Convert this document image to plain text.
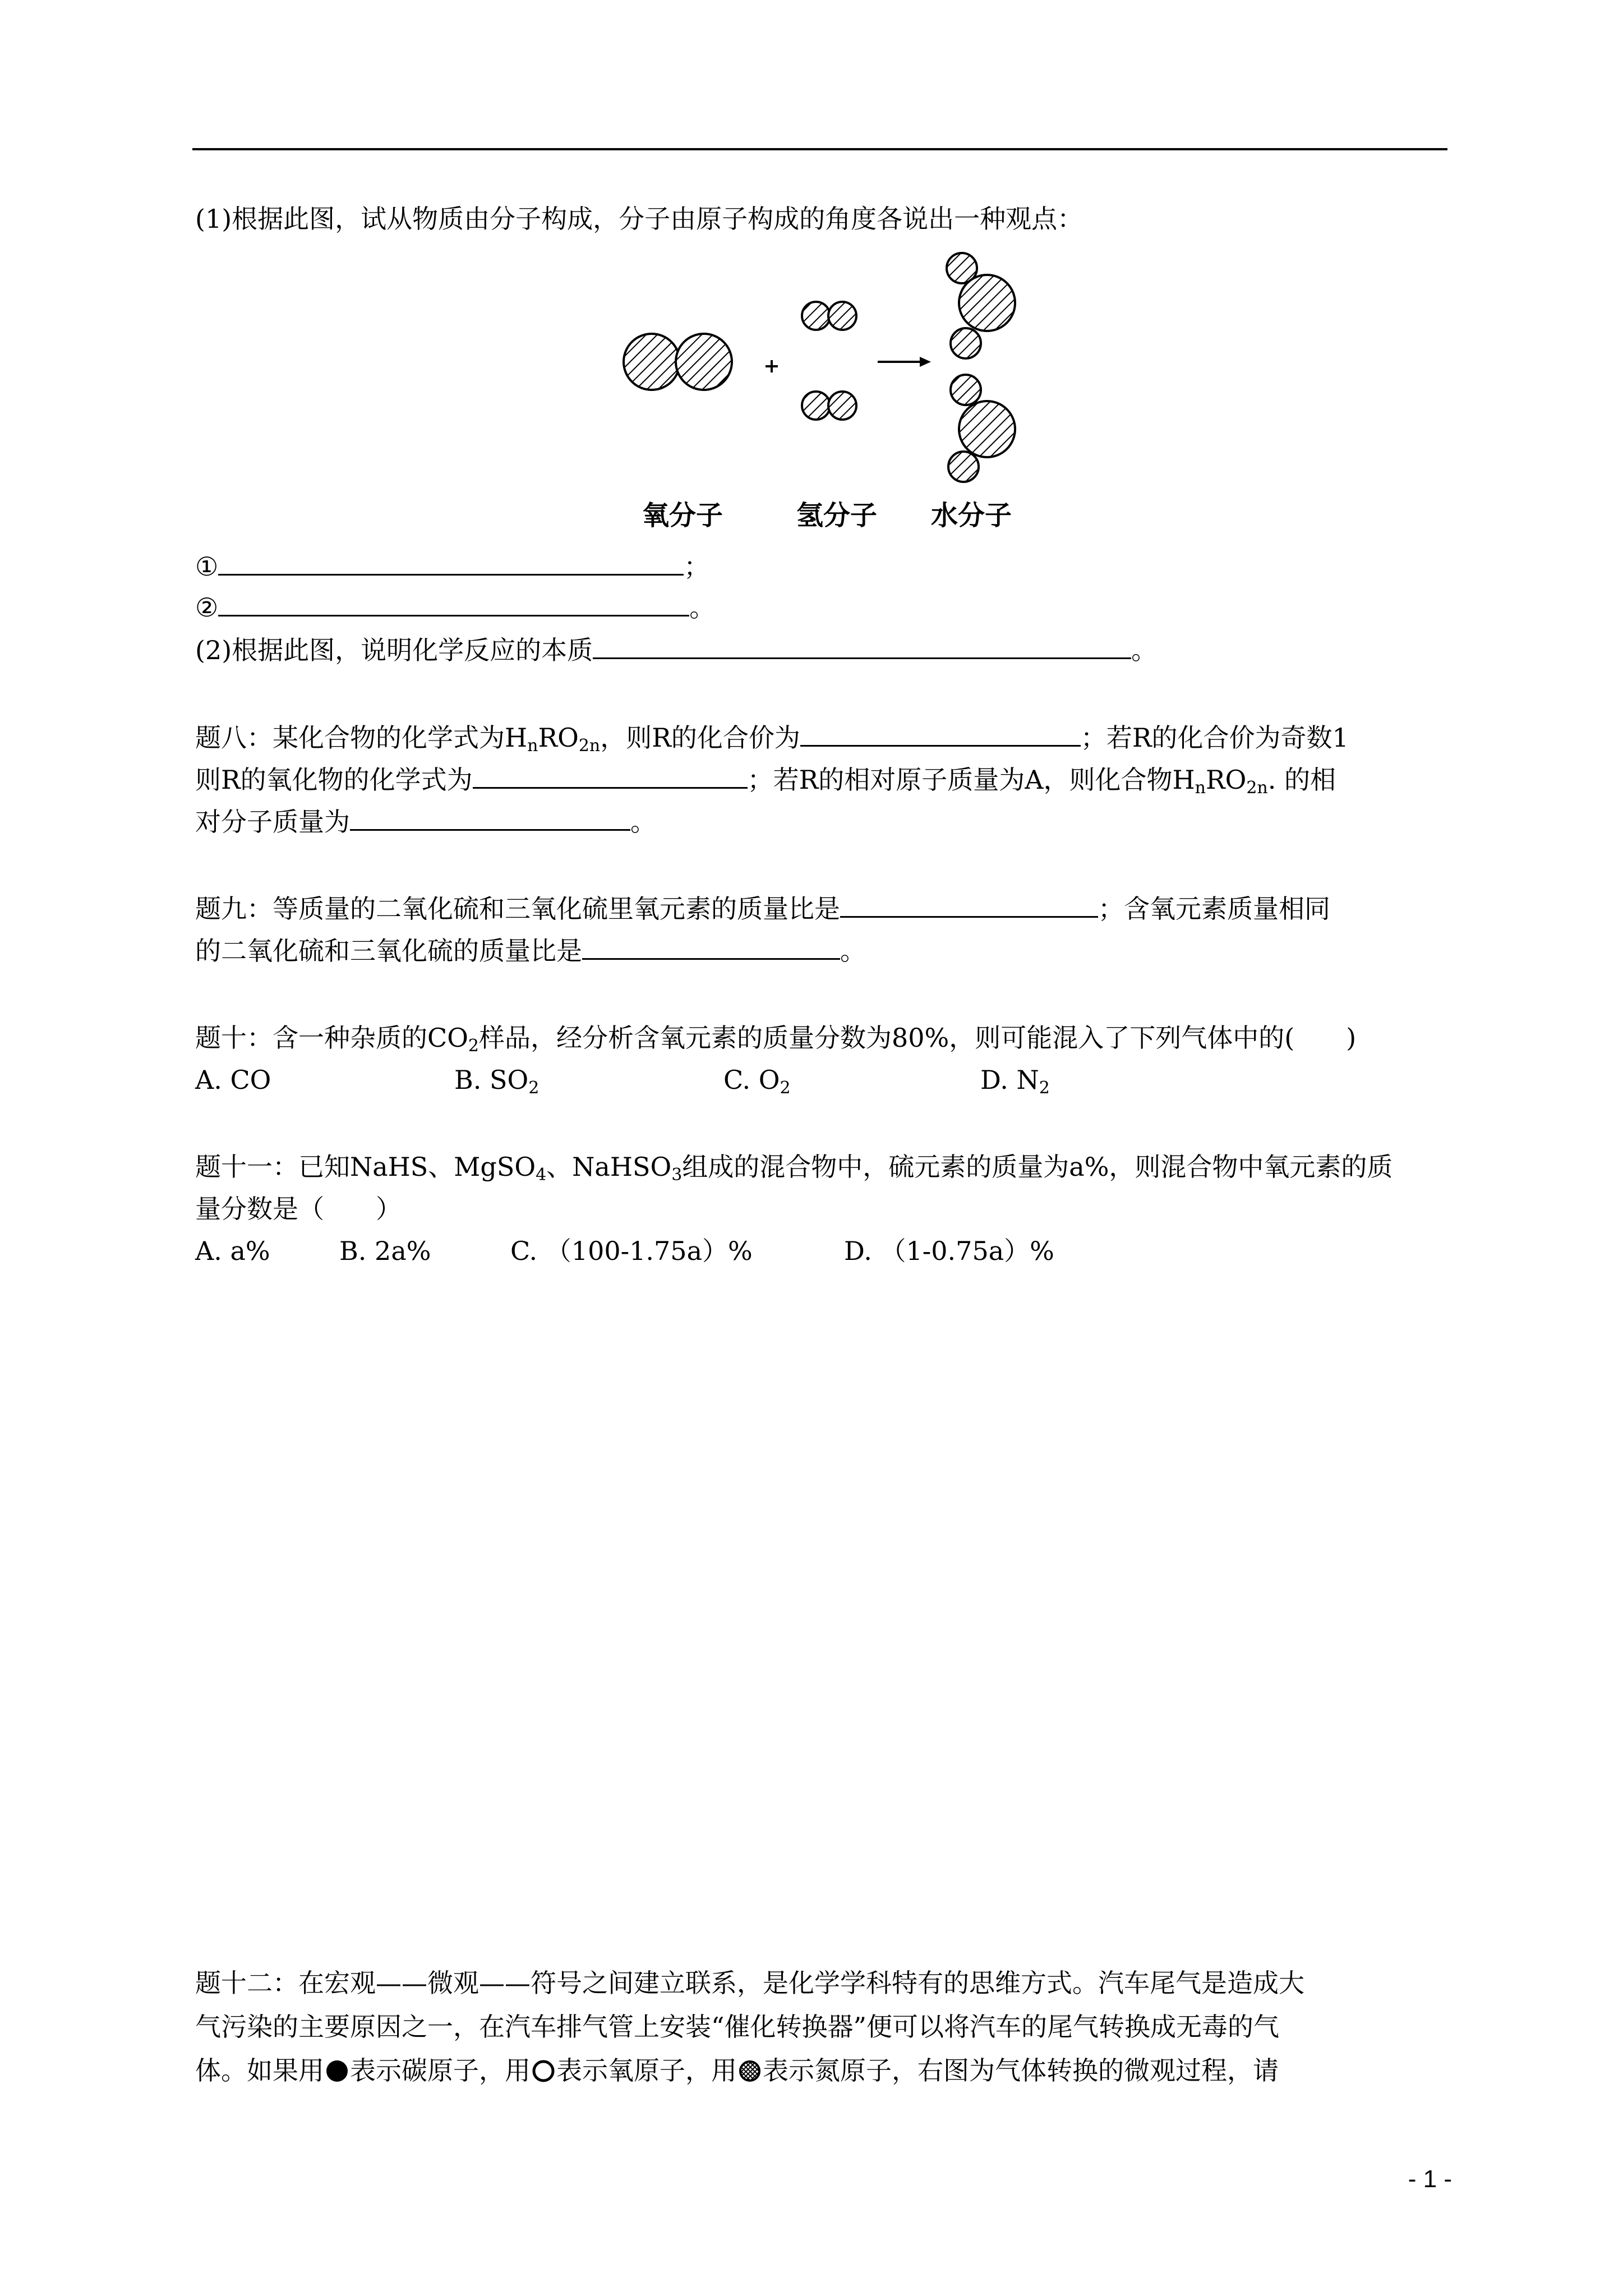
(1)根据此图，试从物质由分子构成，分子由原子构成的角度各说出一种观点：
氧分子	氢分子 水分子
①	；
②	。
(2)根据此图，说明化学反应的本质	。
题八：某化合物的化学式为$H_nRO_{2n}$，则R的化合价为	；若R的化合价为奇数1
则R的氧化物的化学式为	；若R的相对原子质量为A，则化合物$H_nRO_{2n}$. 的相
对分子质量为	。
题九：等质量的二氧化硫和三氧化硫里氧元素的质量比是	；含氧元素质量相同
的二氧化硫和三氧化硫的质量比是	。
题十：含一种杂质的$CO_2$样品，经分析含氧元素的质量分数为80%，则可能混入了下列气体中的(　　)
A. CO	B. $SO_2$	C. $O_2$	D. $N_2$
题十一：已知NaHS、MgSO$_4$、NaHSO$_3$组成的混合物中，硫元素的质量为a%，则混合物中氧元素的质
量分数是（　　）
A. a%	B. 2a%	C. （100-1.75a）%	D. （1-0.75a）%
题十二：在宏观——微观——符号之间建立联系，是化学学科特有的思维方式。汽车尾气是造成大
气污染的主要原因之一，在汽车排气管上安装“催化转换器”便可以将汽车的尾气转换成无毒的气
体。如果用 表示碳原子，用 表示氧原子，用 表示氮原子，右图为气体转换的微观过程，请
- 1 -
